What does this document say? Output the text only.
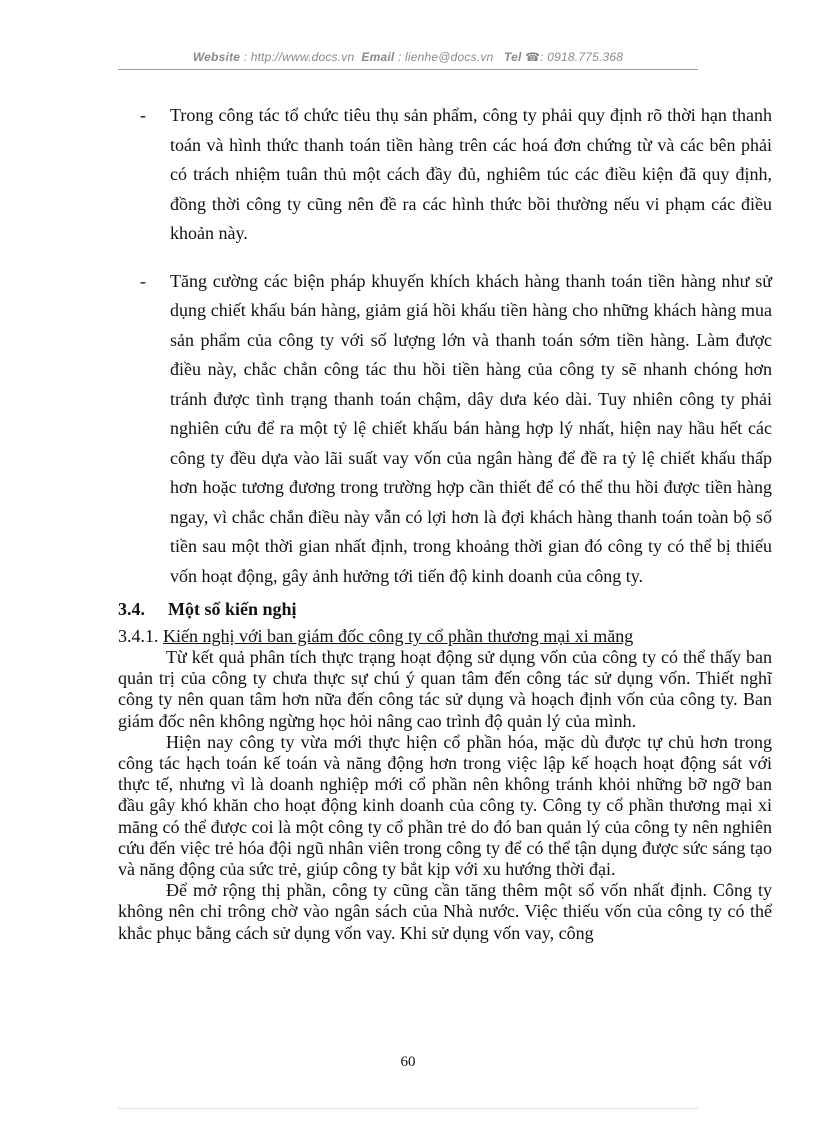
Website : http://www.docs.vn Email : lienhe@docs.vn Tel ☎: 0918.775.368
- Trong công tác tổ chức tiêu thụ sản phẩm, công ty phải quy định rõ thời hạn thanh toán và hình thức thanh toán tiền hàng trên các hoá đơn chứng từ và các bên phải có trách nhiệm tuân thủ một cách đầy đủ, nghiêm túc các điều kiện đã quy định, đồng thời công ty cũng nên đề ra các hình thức bồi thường nếu vi phạm các điều khoản này.
- Tăng cường các biện pháp khuyến khích khách hàng thanh toán tiền hàng như sử dụng chiết khấu bán hàng, giảm giá hồi khấu tiền hàng cho những khách hàng mua sản phẩm của công ty với số lượng lớn và thanh toán sớm tiền hàng. Làm được điều này, chắc chắn công tác thu hồi tiền hàng của công ty sẽ nhanh chóng hơn tránh được tình trạng thanh toán chậm, dây dưa kéo dài. Tuy nhiên công ty phải nghiên cứu để ra một tỷ lệ chiết khấu bán hàng hợp lý nhất, hiện nay hầu hết các công ty đều dựa vào lãi suất vay vốn của ngân hàng để đề ra tỷ lệ chiết khấu thấp hơn hoặc tương đương trong trường hợp cần thiết để có thể thu hồi được tiền hàng ngay, vì chắc chắn điều này vẫn có lợi hơn là đợi khách hàng thanh toán toàn bộ số tiền sau một thời gian nhất định, trong khoảng thời gian đó công ty có thể bị thiếu vốn hoạt động, gây ảnh hưởng tới tiến độ kinh doanh của công ty.
3.4. Một số kiến nghị
3.4.1. Kiến nghị với ban giám đốc công ty cổ phần thương mại xi măng

Từ kết quả phân tích thực trạng hoạt động sử dụng vốn của công ty có thể thấy ban quản trị của công ty chưa thực sự chú ý quan tâm đến công tác sử dụng vốn. Thiết nghĩ công ty nên quan tâm hơn nữa đến công tác sử dụng và hoạch định vốn của công ty. Ban giám đốc nên không ngừng học hỏi nâng cao trình độ quản lý của mình.

Hiện nay công ty vừa mới thực hiện cổ phần hóa, mặc dù được tự chủ hơn trong công tác hạch toán kế toán và năng động hơn trong việc lập kế hoạch hoạt động sát với thực tế, nhưng vì là doanh nghiệp mới cổ phần nên không tránh khỏi những bỡ ngỡ ban đầu gây khó khăn cho hoạt động kinh doanh của công ty. Công ty cổ phần thương mại xi măng có thể được coi là một công ty cổ phần trẻ do đó ban quản lý của công ty nên nghiên cứu đến việc trẻ hóa đội ngũ nhân viên trong công ty để có thể tận dụng được sức sáng tạo và năng động của sức trẻ, giúp công ty bắt kịp với xu hướng thời đại.

Để mở rộng thị phần, công ty cũng cần tăng thêm một số vốn nhất định. Công ty không nên chỉ trông chờ vào ngân sách của Nhà nước. Việc thiếu vốn của công ty có thể khắc phục bằng cách sử dụng vốn vay. Khi sử dụng vốn vay, công

60
